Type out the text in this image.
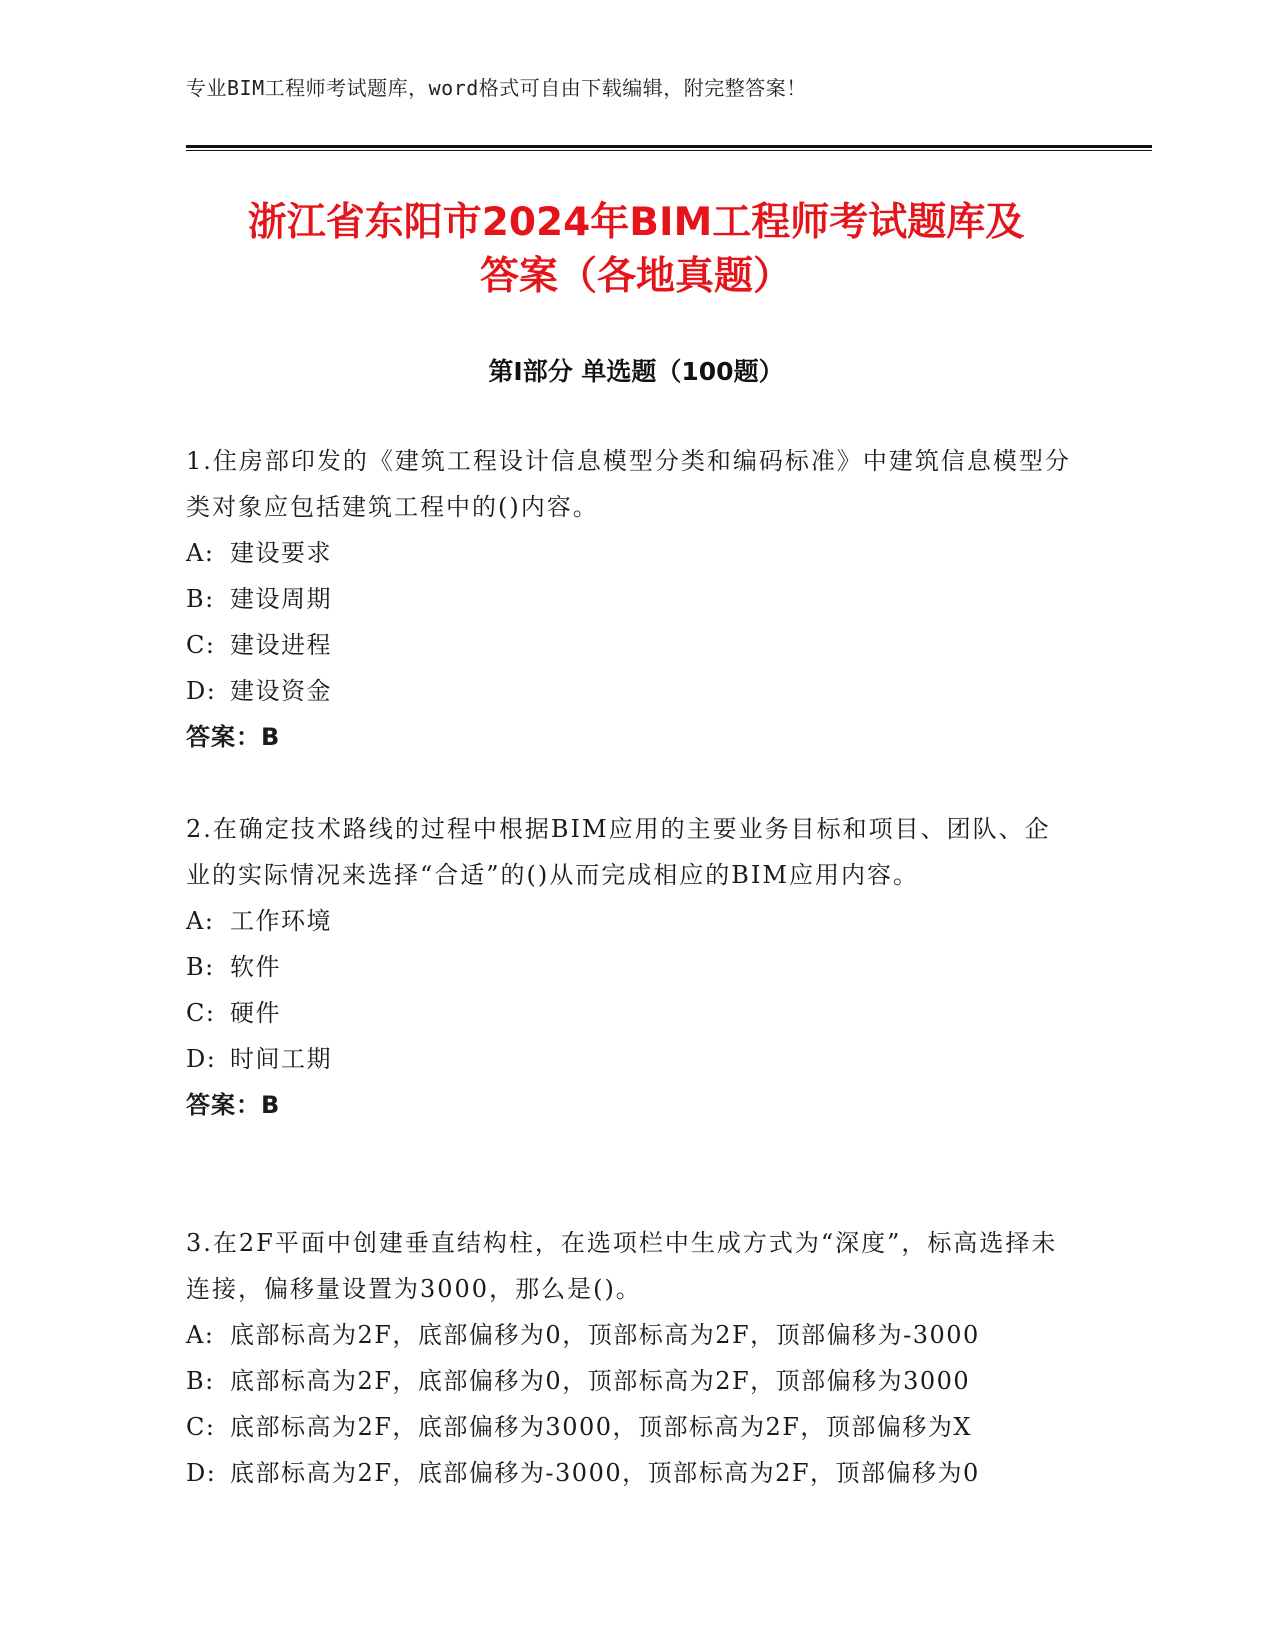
专业BIM工程师考试题库，word格式可自由下载编辑，附完整答案！
浙江省东阳市2024年BIM工程师考试题库及
答案（各地真题）
第I部分 单选题（100题）

1.住房部印发的《建筑工程设计信息模型分类和编码标准》中建筑信息模型分类对象应包括建筑工程中的()内容。

A: 建设要求

B: 建设周期

C: 建设进程

D: 建设资金

答案：B

2.在确定技术路线的过程中根据BIM应用的主要业务目标和项目、团队、企业的实际情况来选择“合适”的()从而完成相应的BIM应用内容。

A: 工作环境

B: 软件

C: 硬件

D: 时间工期

答案：B

3.在2F平面中创建垂直结构柱，在选项栏中生成方式为“深度”，标高选择未连接，偏移量设置为3000，那么是()。

A: 底部标高为2F，底部偏移为0，顶部标高为2F，顶部偏移为-3000

B: 底部标高为2F，底部偏移为0，顶部标高为2F，顶部偏移为3000

C: 底部标高为2F，底部偏移为3000，顶部标高为2F，顶部偏移为X

D: 底部标高为2F，底部偏移为-3000，顶部标高为2F，顶部偏移为0
